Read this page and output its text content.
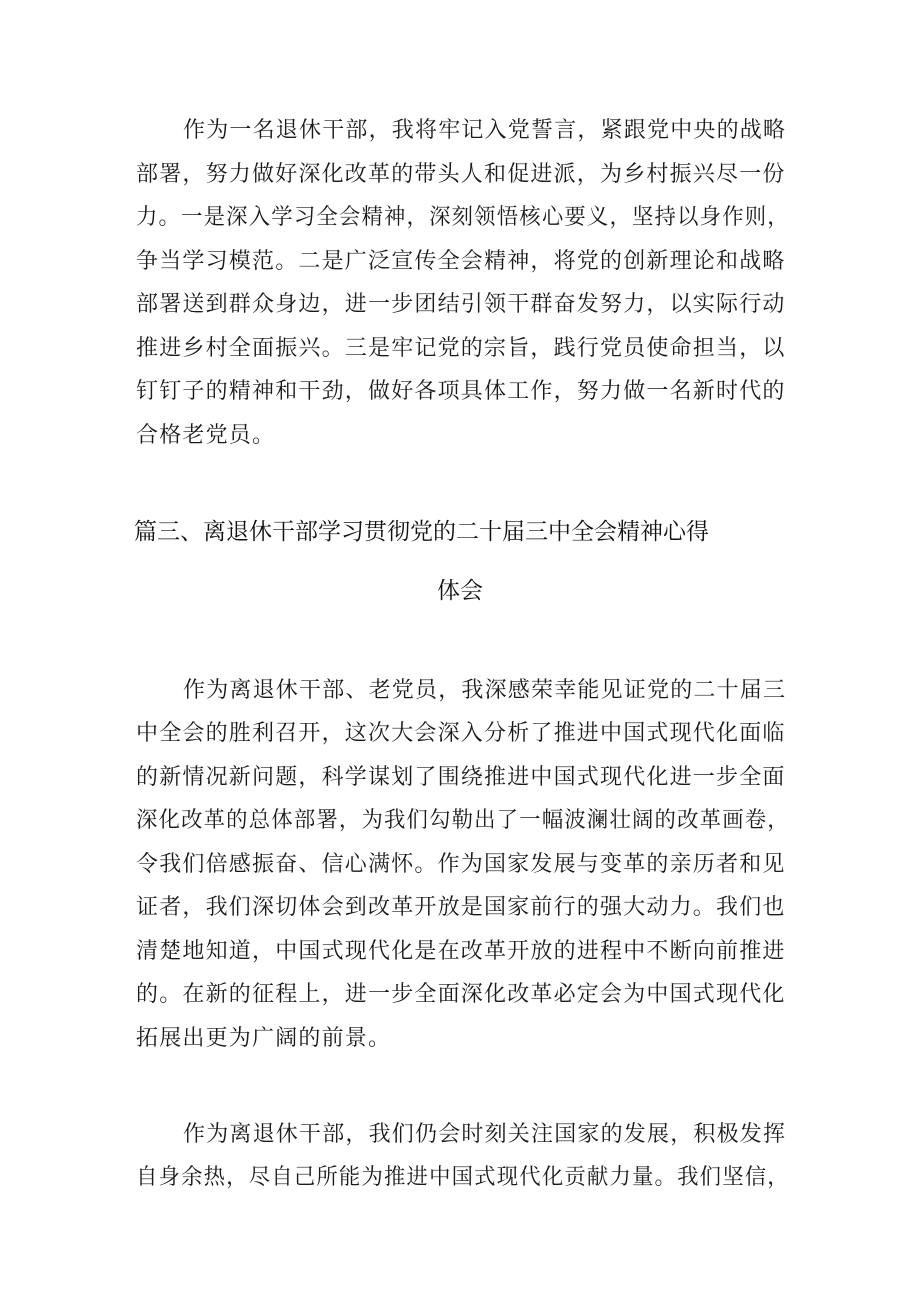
作为一名退休干部，我将牢记入党誓言，紧跟党中央的战略
部署，努力做好深化改革的带头人和促进派，为乡村振兴尽一份
力。一是深入学习全会精神，深刻领悟核心要义，坚持以身作则，
争当学习模范。二是广泛宣传全会精神，将党的创新理论和战略
部署送到群众身边，进一步团结引领干群奋发努力，以实际行动
推进乡村全面振兴。三是牢记党的宗旨，践行党员使命担当，以
钉钉子的精神和干劲，做好各项具体工作，努力做一名新时代的
合格老党员。
篇三、离退休干部学习贯彻党的二十届三中全会精神心得
体会
作为离退休干部、老党员，我深感荣幸能见证党的二十届三
中全会的胜利召开，这次大会深入分析了推进中国式现代化面临
的新情况新问题，科学谋划了围绕推进中国式现代化进一步全面
深化改革的总体部署，为我们勾勒出了一幅波澜壮阔的改革画卷，
令我们倍感振奋、信心满怀。作为国家发展与变革的亲历者和见
证者，我们深切体会到改革开放是国家前行的强大动力。我们也
清楚地知道，中国式现代化是在改革开放的进程中不断向前推进
的。在新的征程上，进一步全面深化改革必定会为中国式现代化
拓展出更为广阔的前景。
作为离退休干部，我们仍会时刻关注国家的发展，积极发挥
自身余热，尽自己所能为推进中国式现代化贡献力量。我们坚信，
